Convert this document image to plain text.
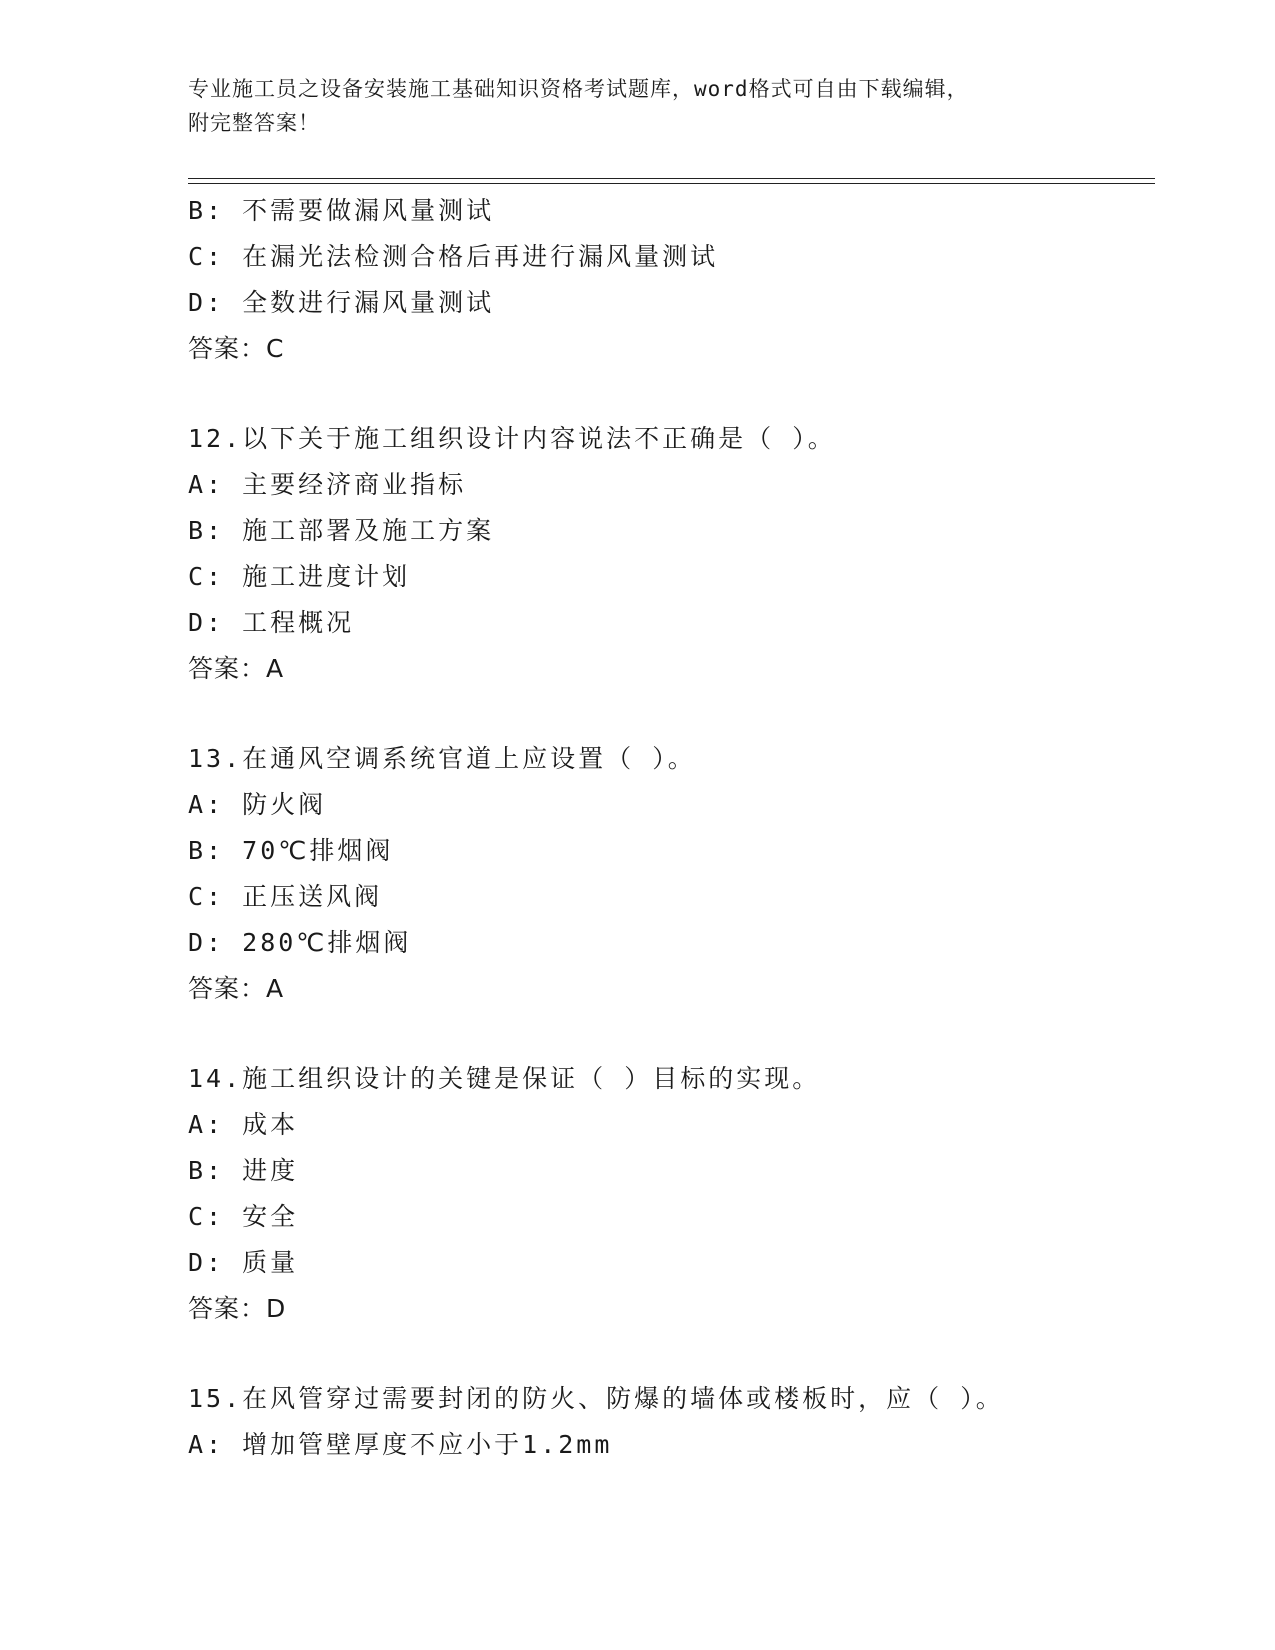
专业施工员之设备安装施工基础知识资格考试题库，word格式可自由下载编辑，
附完整答案！
B: 不需要做漏风量测试
C: 在漏光法检测合格后再进行漏风量测试
D: 全数进行漏风量测试
答案：C
12.以下关于施工组织设计内容说法不正确是（ ）。
A: 主要经济商业指标
B: 施工部署及施工方案
C: 施工进度计划
D: 工程概况
答案：A
13.在通风空调系统官道上应设置（ ）。
A: 防火阀
B: 70℃排烟阀
C: 正压送风阀
D: 280℃排烟阀
答案：A
14.施工组织设计的关键是保证（ ）目标的实现。
A: 成本
B: 进度
C: 安全
D: 质量
答案：D
15.在风管穿过需要封闭的防火、防爆的墙体或楼板时，应（ ）。
A: 增加管壁厚度不应小于1.2mm
